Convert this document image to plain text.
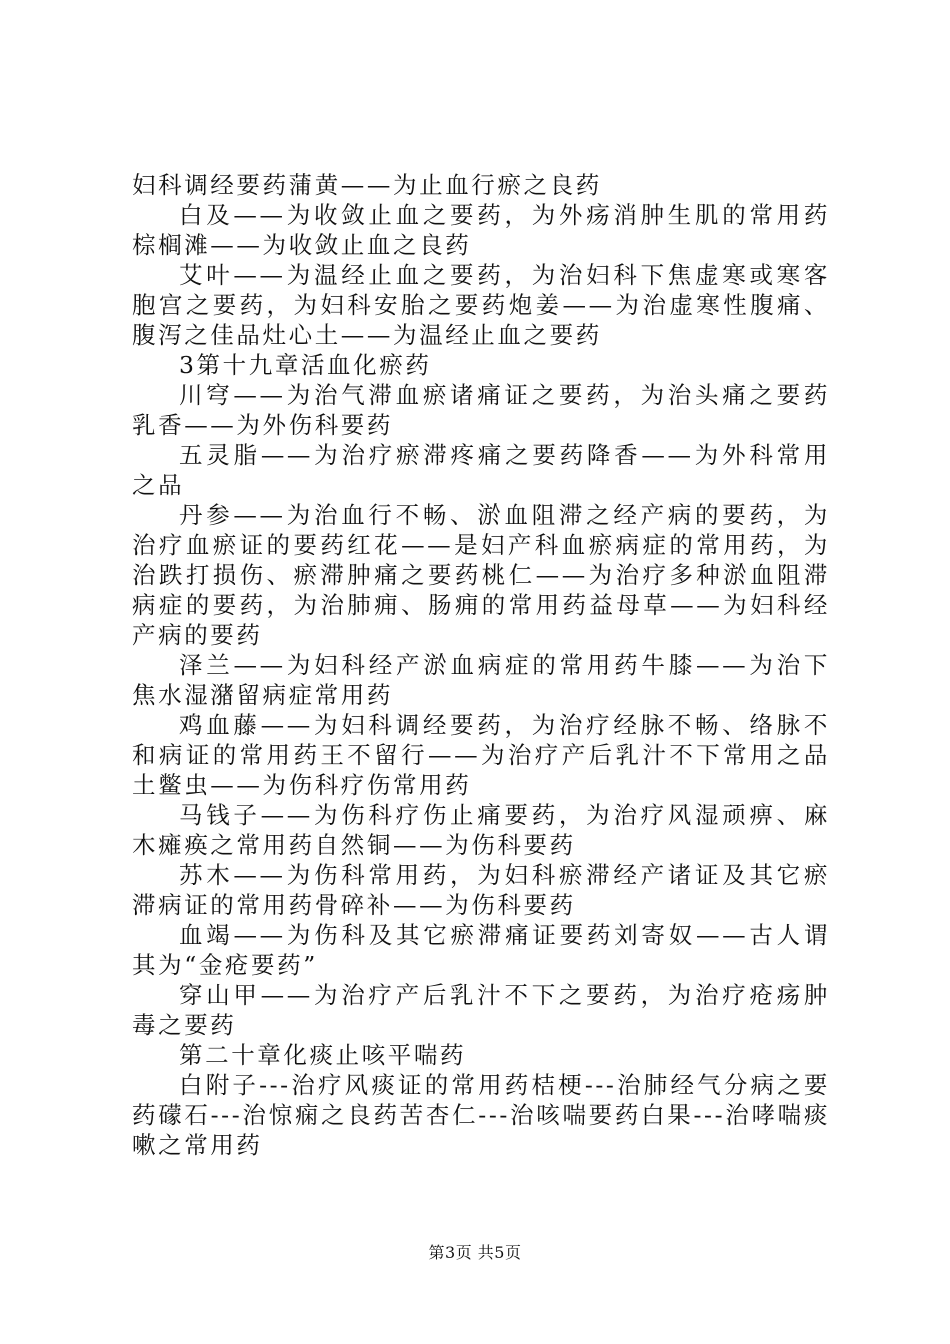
妇科调经要药蒲黄——为止血行瘀之良药

白及——为收敛止血之要药，为外疡消肿生肌的常用药棕榈滩——为收敛止血之良药

艾叶——为温经止血之要药，为治妇科下焦虚寒或寒客胞宫之要药，为妇科安胎之要药炮姜——为治虚寒性腹痛、腹泻之佳品灶心土——为温经止血之要药

3第十九章活血化瘀药

川穹——为治气滞血瘀诸痛证之要药，为治头痛之要药乳香——为外伤科要药

五灵脂——为治疗瘀滞疼痛之要药降香——为外科常用之品

丹参——为治血行不畅、淤血阻滞之经产病的要药，为治疗血瘀证的要药红花——是妇产科血瘀病症的常用药，为治跌打损伤、瘀滞肿痛之要药桃仁——为治疗多种淤血阻滞病症的要药，为治肺痈、肠痈的常用药益母草——为妇科经产病的要药

泽兰——为妇科经产淤血病症的常用药牛膝——为治下焦水湿潴留病症常用药

鸡血藤——为妇科调经要药，为治疗经脉不畅、络脉不和病证的常用药王不留行——为治疗产后乳汁不下常用之品土鳖虫——为伤科疗伤常用药

马钱子——为伤科疗伤止痛要药，为治疗风湿顽痹、麻木瘫痪之常用药自然铜——为伤科要药

苏木——为伤科常用药，为妇科瘀滞经产诸证及其它瘀滞病证的常用药骨碎补——为伤科要药

血竭——为伤科及其它瘀滞痛证要药刘寄奴——古人谓其为“金疮要药”

穿山甲——为治疗产后乳汁不下之要药，为治疗疮疡肿毒之要药

第二十章化痰止咳平喘药

白附子---治疗风痰证的常用药桔梗---治肺经气分病之要药礞石---治惊痫之良药苦杏仁---治咳喘要药白果---治哮喘痰嗽之常用药

第3页 共5页
